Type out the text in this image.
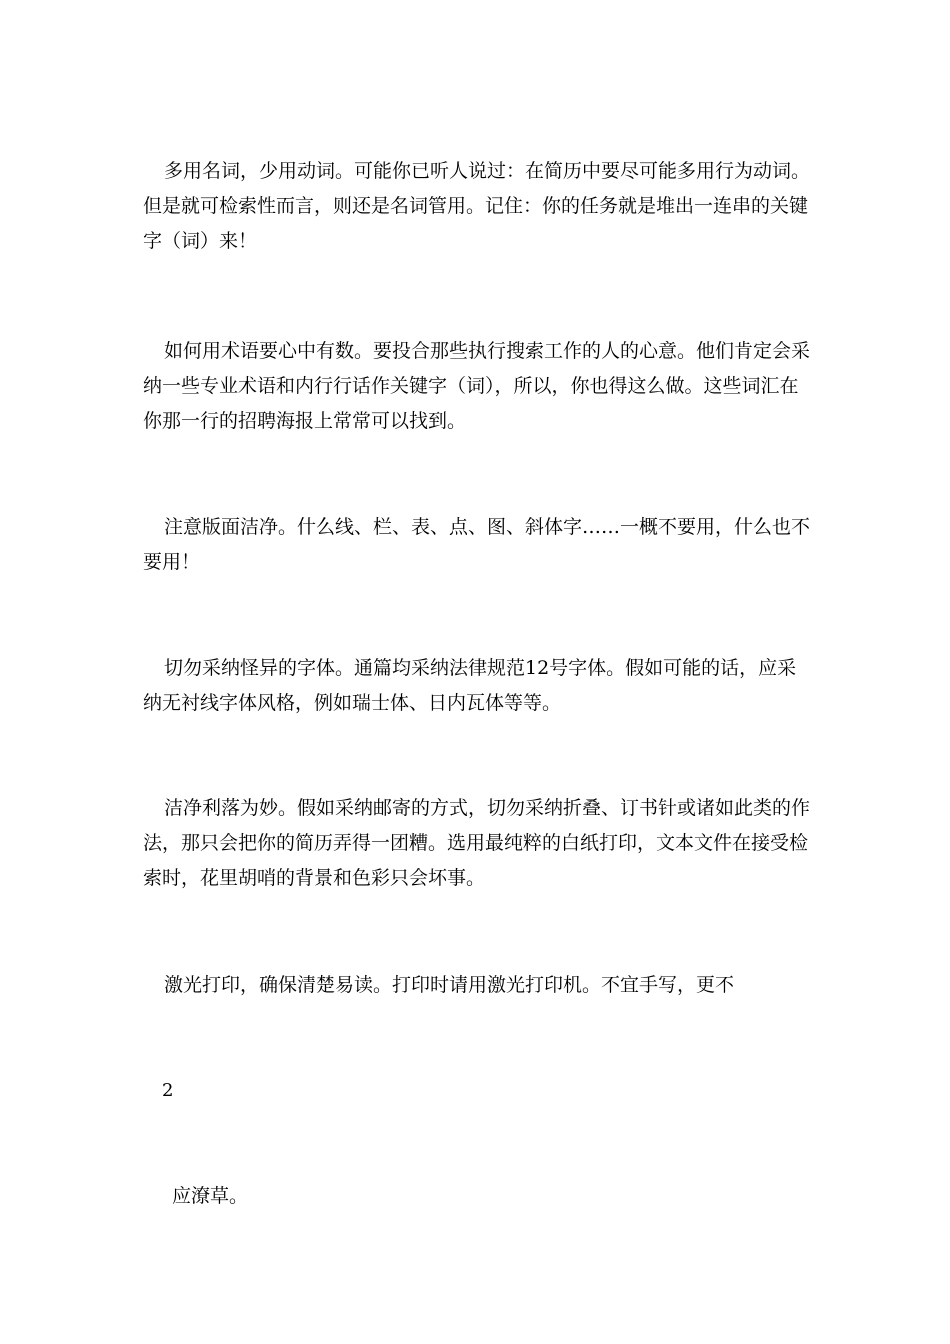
多用名词，少用动词。可能你已听人说过：在简历中要尽可能多用行为动词。但是就可检索性而言，则还是名词管用。记住：你的任务就是堆出一连串的关键字（词）来！

如何用术语要心中有数。要投合那些执行搜索工作的人的心意。他们肯定会采纳一些专业术语和内行行话作关键字（词），所以，你也得这么做。这些词汇在你那一行的招聘海报上常常可以找到。

注意版面洁净。什么线、栏、表、点、图、斜体字……一概不要用，什么也不要用！

切勿采纳怪异的字体。通篇均采纳法律规范12号字体。假如可能的话，应采纳无衬线字体风格，例如瑞士体、日内瓦体等等。

洁净利落为妙。假如采纳邮寄的方式，切勿采纳折叠、订书针或诸如此类的作法，那只会把你的简历弄得一团糟。选用最纯粹的白纸打印，文本文件在接受检索时，花里胡哨的背景和色彩只会坏事。

激光打印，确保清楚易读。打印时请用激光打印机。不宜手写，更不

2

应潦草。
